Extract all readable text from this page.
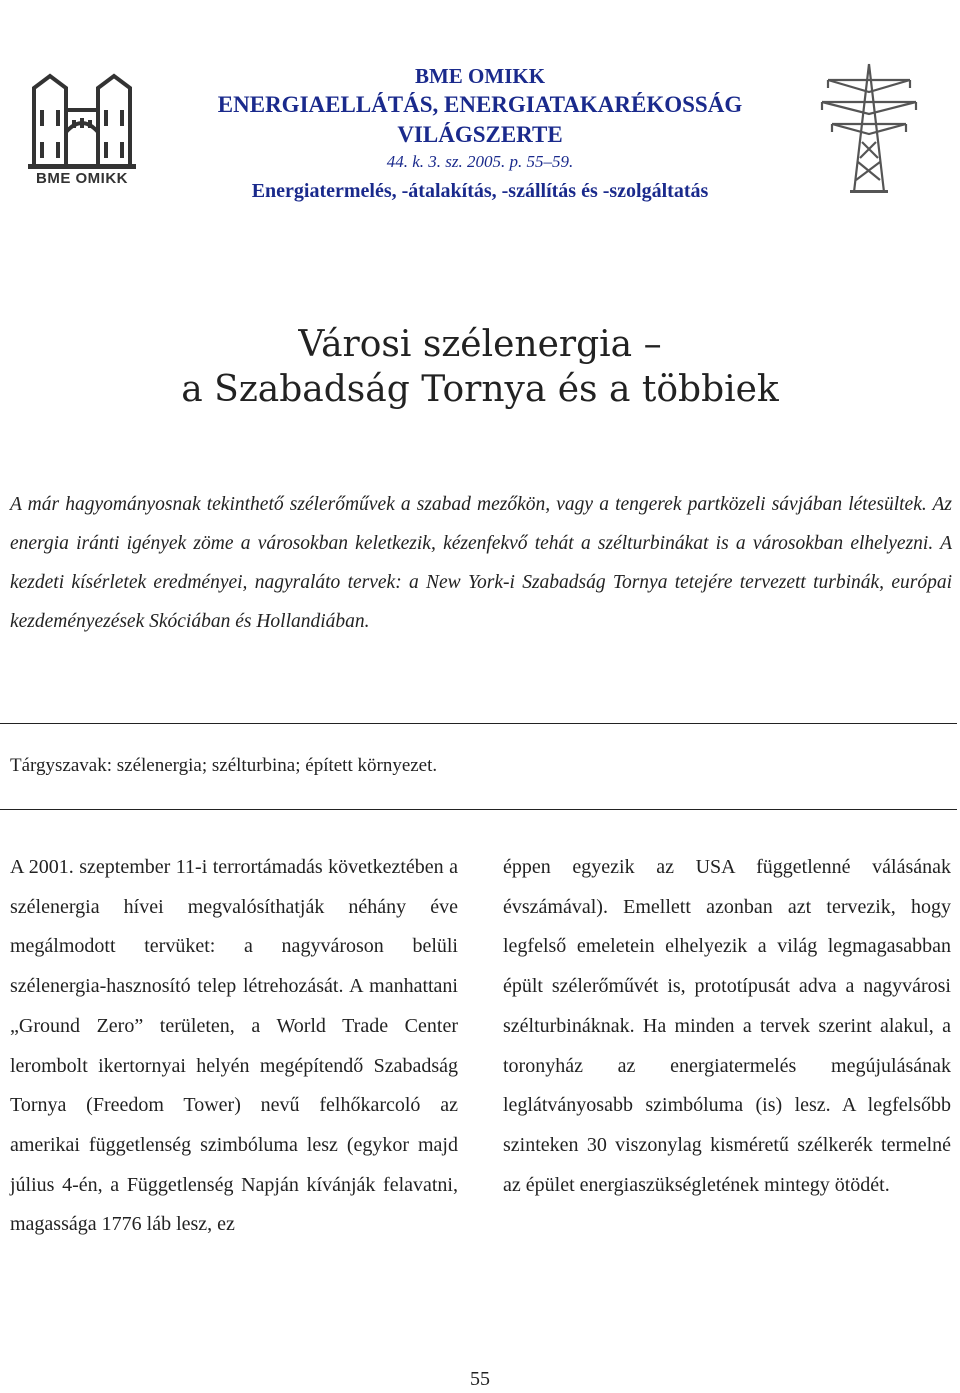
BME OMIKK
BME OMIKK
ENERGIAELLÁTÁS, ENERGIATAKARÉKOSSÁG VILÁGSZERTE
44. k. 3. sz. 2005. p. 55–59.
Energiatermelés, -átalakítás, -szállítás és -szolgáltatás
Városi szélenergia –
a Szabadság Tornya és a többiek
A már hagyományosnak tekinthető szélerőművek a szabad mezőkön, vagy a tengerek partközeli sávjában létesültek. Az energia iránti igények zöme a városokban keletkezik, kézenfekvő tehát a szélturbinákat is a városokban elhelyezni. A kezdeti kísérletek eredményei, nagyraláto tervek: a New York-i Szabadság Tornya tetejére tervezett turbinák, európai kezdeményezések Skóciában és Hollandiában.
Tárgyszavak: szélenergia; szélturbina; épített környezet.

A 2001. szeptember 11-i terrortámadás következtében a szélenergia hívei megvalósíthatják néhány éve megálmodott tervüket: a nagyvároson belüli szélenergia-hasznosító telep létrehozását. A manhattani „Ground Zero” területen, a World Trade Center lerombolt ikertornyai helyén megépítendő Szabadság Tornya (Freedom Tower) nevű felhőkarcoló az amerikai függetlenség szimbóluma lesz (egykor majd július 4-én, a Függetlenség Napján kívánják felavatni, magassága 1776 láb lesz, ez

éppen egyezik az USA függetlenné válásának évszámával). Emellett azonban azt tervezik, hogy legfelső emeletein elhelyezik a világ legmagasabban épült szélerőművét is, prototípusát adva a nagyvárosi szélturbináknak. Ha minden a tervek szerint alakul, a toronyház az energiatermelés megújulásának leglátványosabb szimbóluma (is) lesz. A legfelsőbb szinteken 30 viszonylag kisméretű szélkerék termelné az épület energiaszükségletének mintegy ötödét.

55
